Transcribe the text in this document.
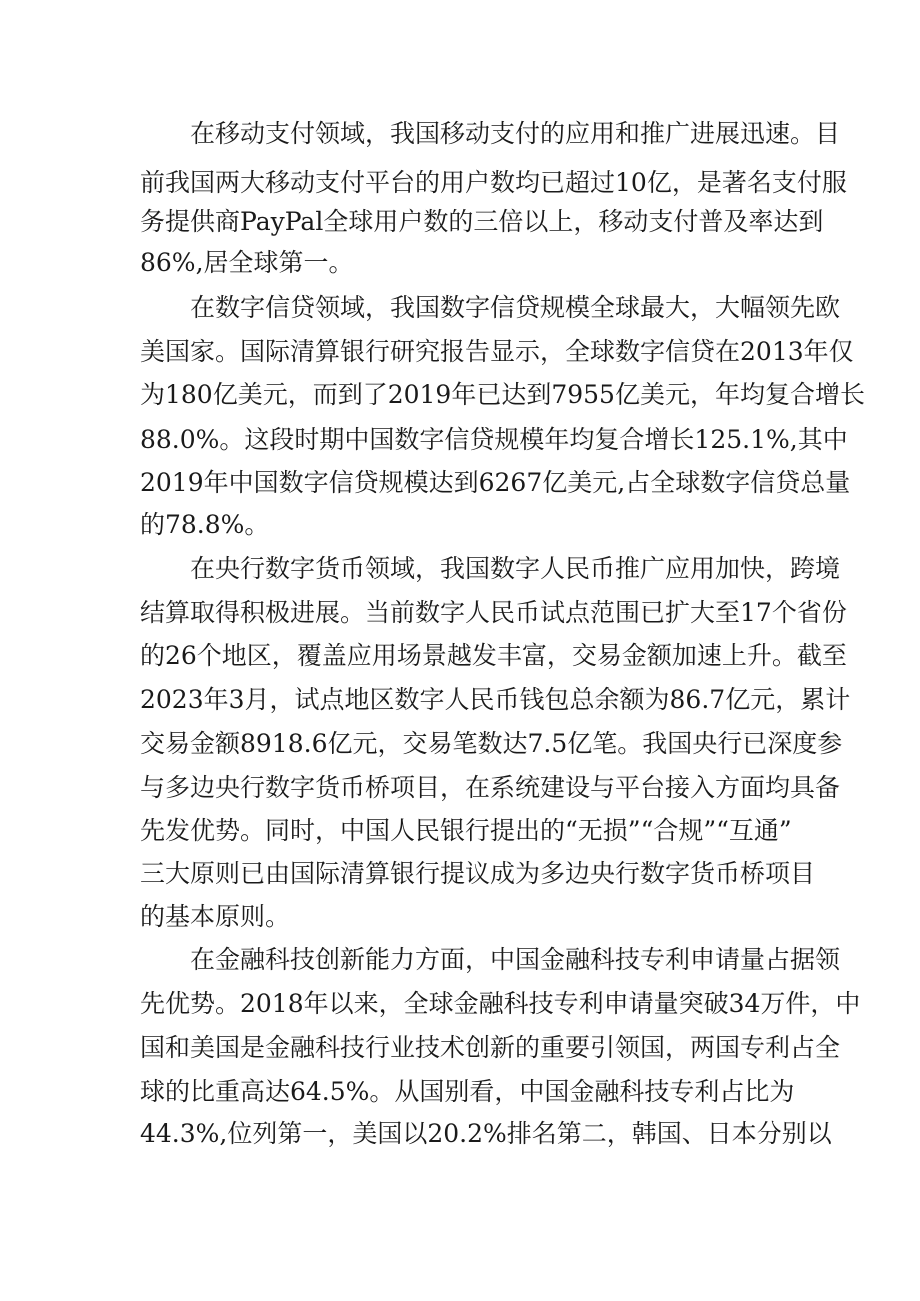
在移动支付领域，我国移动支付的应用和推广进展迅速。目
前我国两大移动支付平台的用户数均已超过10亿，是著名支付服
务提供商PayPal全球用户数的三倍以上，移动支付普及率达到
86%,居全球第一。
在数字信贷领域，我国数字信贷规模全球最大，大幅领先欧
美国家。国际清算银行研究报告显示，全球数字信贷在2013年仅
为180亿美元，而到了2019年已达到7955亿美元，年均复合增长
88.0%。这段时期中国数字信贷规模年均复合增长125.1%,其中
2019年中国数字信贷规模达到6267亿美元,占全球数字信贷总量
的78.8%。
在央行数字货币领域，我国数字人民币推广应用加快，跨境
结算取得积极进展。当前数字人民币试点范围已扩大至17个省份
的26个地区，覆盖应用场景越发丰富，交易金额加速上升。截至
2023年3月，试点地区数字人民币钱包总余额为86.7亿元，累计
交易金额8918.6亿元，交易笔数达7.5亿笔。我国央行已深度参
与多边央行数字货币桥项目，在系统建设与平台接入方面均具备
先发优势。同时，中国人民银行提出的“无损”“合规”“互通”
三大原则已由国际清算银行提议成为多边央行数字货币桥项目
的基本原则。
在金融科技创新能力方面，中国金融科技专利申请量占据领
先优势。2018年以来，全球金融科技专利申请量突破34万件，中
国和美国是金融科技行业技术创新的重要引领国，两国专利占全
球的比重高达64.5%。从国别看，中国金融科技专利占比为
44.3%,位列第一，美国以20.2%排名第二，韩国、日本分别以
